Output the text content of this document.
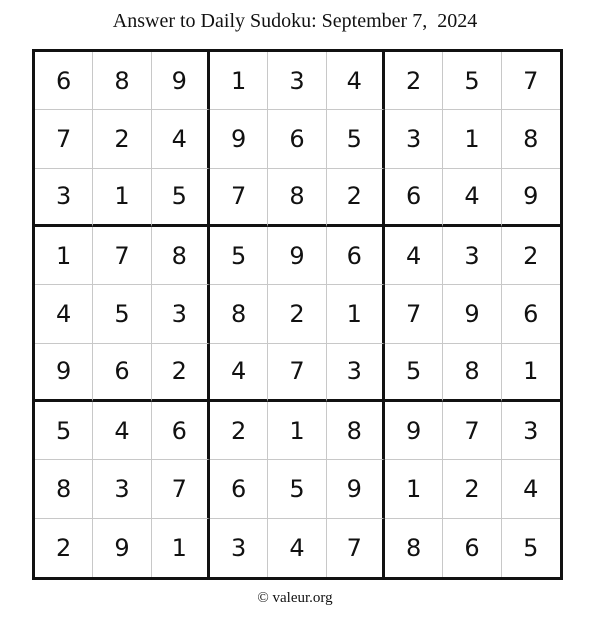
Answer to Daily Sudoku: September 7,  2024
6	8	9	1	3	4	2	5	7
7	2	4	9	6	5	3	1	8
3	1	5	7	8	2	6	4	9
1	7	8	5	9	6	4	3	2
4	5	3	8	2	1	7	9	6
9	6	2	4	7	3	5	8	1
5	4	6	2	1	8	9	7	3
8	3	7	6	5	9	1	2	4
2	9	1	3	4	7	8	6	5
© valeur.org
